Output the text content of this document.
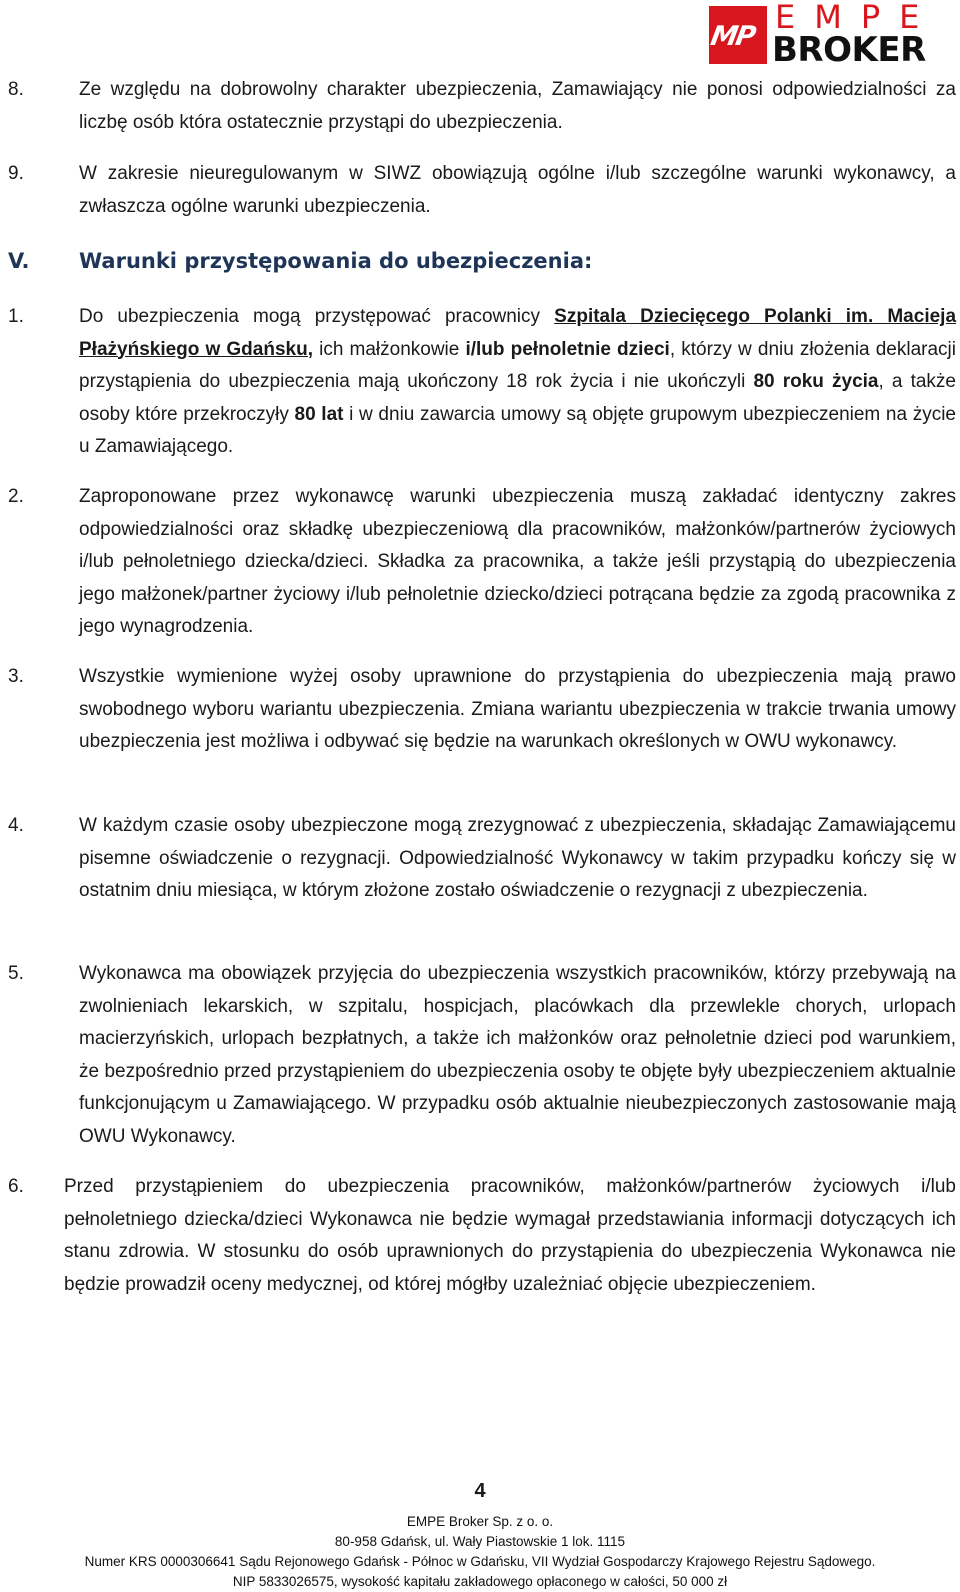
MP
EMPE
BROKER
8.	Ze względu na dobrowolny charakter ubezpieczenia, Zamawiający nie ponosi odpowiedzialności za liczbę osób która ostatecznie przystąpi do ubezpieczenia.
9.	W zakresie nieuregulowanym w SIWZ obowiązują ogólne i/lub szczególne warunki wykonawcy, a zwłaszcza ogólne warunki ubezpieczenia.
V. Warunki przystępowania do ubezpieczenia:
1.	Do ubezpieczenia mogą przystępować pracownicy Szpitala Dziecięcego Polanki im. Macieja Płażyńskiego w Gdańsku, ich małżonkowie i/lub pełnoletnie dzieci, którzy w dniu złożenia deklaracji przystąpienia do ubezpieczenia mają ukończony 18 rok życia i nie ukończyli 80 roku życia, a także osoby które przekroczyły 80 lat i w dniu zawarcia umowy są objęte grupowym ubezpieczeniem na życie u Zamawiającego.
2.	Zaproponowane przez wykonawcę warunki ubezpieczenia muszą zakładać identyczny zakres odpowiedzialności oraz składkę ubezpieczeniową dla pracowników, małżonków/partnerów życiowych i/lub pełnoletniego dziecka/dzieci. Składka za pracownika, a także jeśli przystąpią do ubezpieczenia jego małżonek/partner życiowy i/lub pełnoletnie dziecko/dzieci potrącana będzie za zgodą pracownika z jego wynagrodzenia.
3.	Wszystkie wymienione wyżej osoby uprawnione do przystąpienia do ubezpieczenia mają prawo swobodnego wyboru wariantu ubezpieczenia. Zmiana wariantu ubezpieczenia w trakcie trwania umowy ubezpieczenia jest możliwa i odbywać się będzie na warunkach określonych w OWU wykonawcy.
4.	W każdym czasie osoby ubezpieczone mogą zrezygnować z ubezpieczenia, składając Zamawiającemu pisemne oświadczenie o rezygnacji. Odpowiedzialność Wykonawcy w takim przypadku kończy się w ostatnim dniu miesiąca, w którym złożone zostało oświadczenie o rezygnacji z ubezpieczenia.
5.	Wykonawca ma obowiązek przyjęcia do ubezpieczenia wszystkich pracowników, którzy przebywają na zwolnieniach lekarskich, w szpitalu, hospicjach, placówkach dla przewlekle chorych, urlopach macierzyńskich, urlopach bezpłatnych, a także ich małżonków oraz pełnoletnie dzieci pod warunkiem, że bezpośrednio przed przystąpieniem do ubezpieczenia osoby te objęte były ubezpieczeniem aktualnie funkcjonującym u Zamawiającego. W przypadku osób aktualnie nieubezpieczonych zastosowanie mają OWU Wykonawcy.
6. Przed przystąpieniem do ubezpieczenia pracowników, małżonków/partnerów życiowych i/lub pełnoletniego dziecka/dzieci Wykonawca nie będzie wymagał przedstawiania informacji dotyczących ich stanu zdrowia. W stosunku do osób uprawnionych do przystąpienia do ubezpieczenia Wykonawca nie będzie prowadził oceny medycznej, od której mógłby uzależniać objęcie ubezpieczeniem.
4
EMPE Broker Sp. z o. o.
80-958 Gdańsk, ul. Wały Piastowskie 1 lok. 1115
Numer KRS 0000306641 Sądu Rejonowego Gdańsk - Północ w Gdańsku, VII Wydział Gospodarczy Krajowego Rejestru Sądowego.
NIP 5833026575, wysokość kapitału zakładowego opłaconego w całości, 50 000 zł
